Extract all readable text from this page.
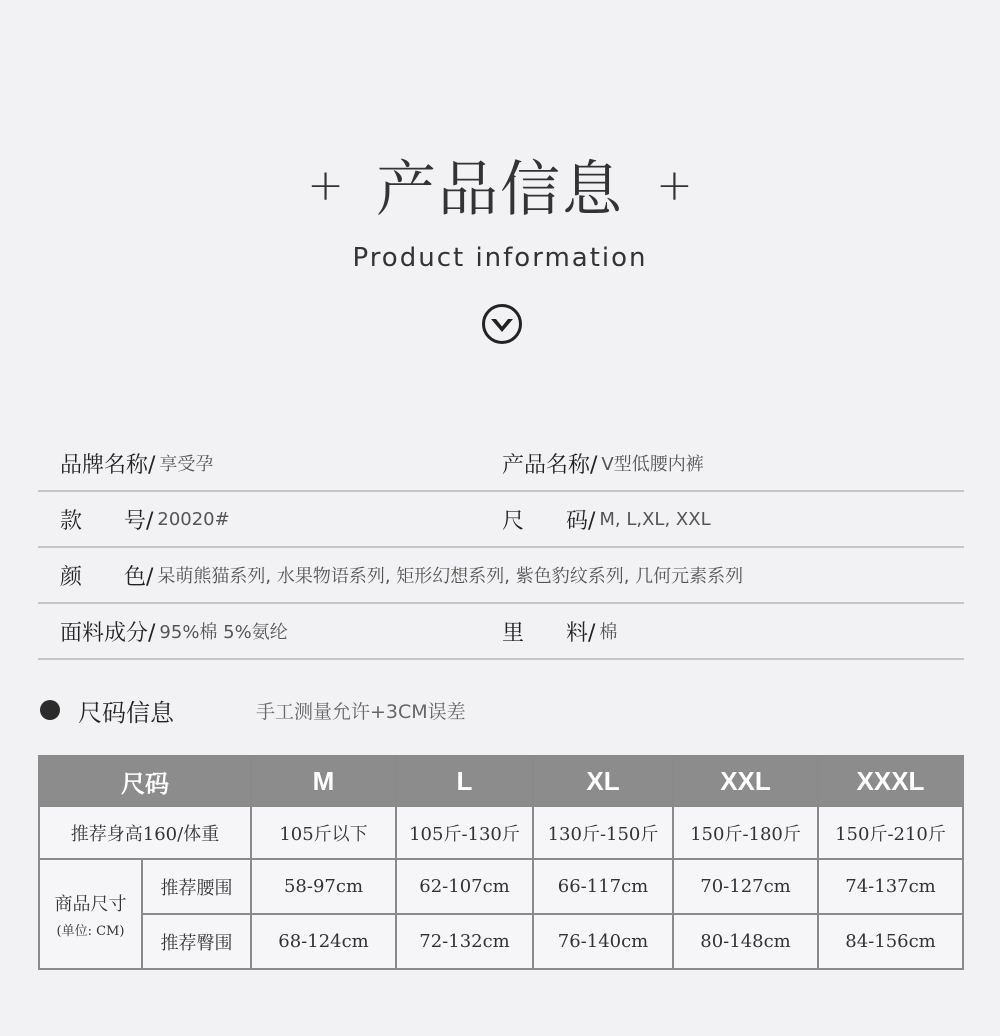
+ 产品信息 +
Product information
品牌名称/ 享受孕	产品名称/ V型低腰内裤
款      号/ 20020#	尺      码/ M, L,XL, XXL
颜      色/ 呆萌熊猫系列, 水果物语系列, 矩形幻想系列, 紫色豹纹系列, 几何元素系列
面料成分/ 95%棉 5%氨纶	里      料/ 棉
尺码信息	手工测量允许+3CM误差
尺码		M	L	XL	XXL	XXXL
推荐身高160/体重		105斤以下	105斤-130斤	130斤-150斤	150斤-180斤	150斤-210斤
商品尺寸
(单位: CM)	推荐腰围	58-97cm	62-107cm	66-117cm	70-127cm	74-137cm
	推荐臀围	68-124cm	72-132cm	76-140cm	80-148cm	84-156cm
